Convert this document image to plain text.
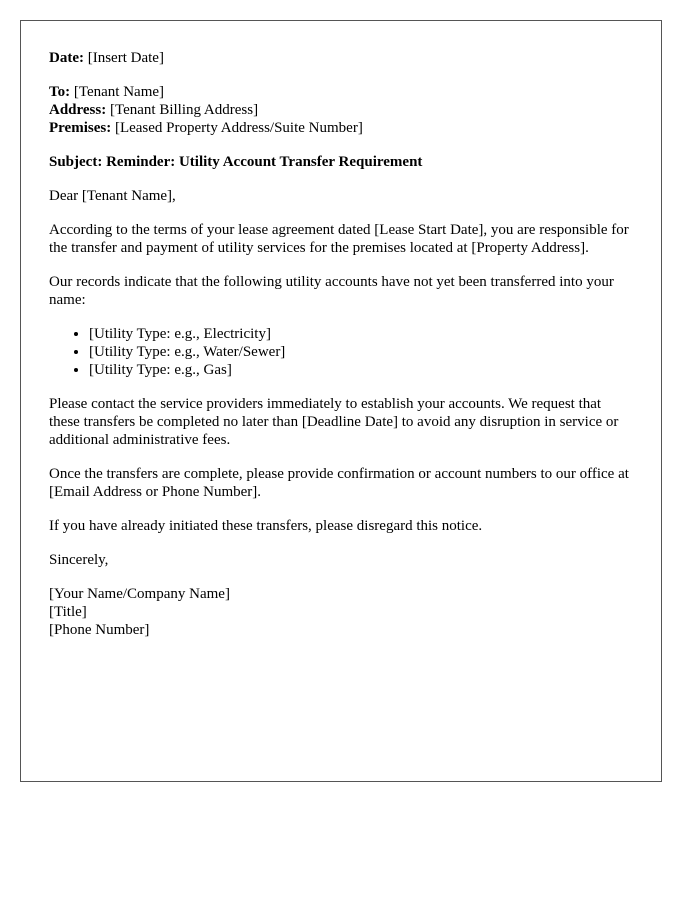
Date: [Insert Date]

To: [Tenant Name]
Address: [Tenant Billing Address]
Premises: [Leased Property Address/Suite Number]

Subject: Reminder: Utility Account Transfer Requirement

Dear [Tenant Name],

According to the terms of your lease agreement dated [Lease Start Date], you are responsible for the transfer and payment of utility services for the premises located at [Property Address].

Our records indicate that the following utility accounts have not yet been transferred into your name:

• [Utility Type: e.g., Electricity]
• [Utility Type: e.g., Water/Sewer]
• [Utility Type: e.g., Gas]

Please contact the service providers immediately to establish your accounts. We request that these transfers be completed no later than [Deadline Date] to avoid any disruption in service or additional administrative fees.

Once the transfers are complete, please provide confirmation or account numbers to our office at [Email Address or Phone Number].

If you have already initiated these transfers, please disregard this notice.

Sincerely,

[Your Name/Company Name]
[Title]
[Phone Number]
